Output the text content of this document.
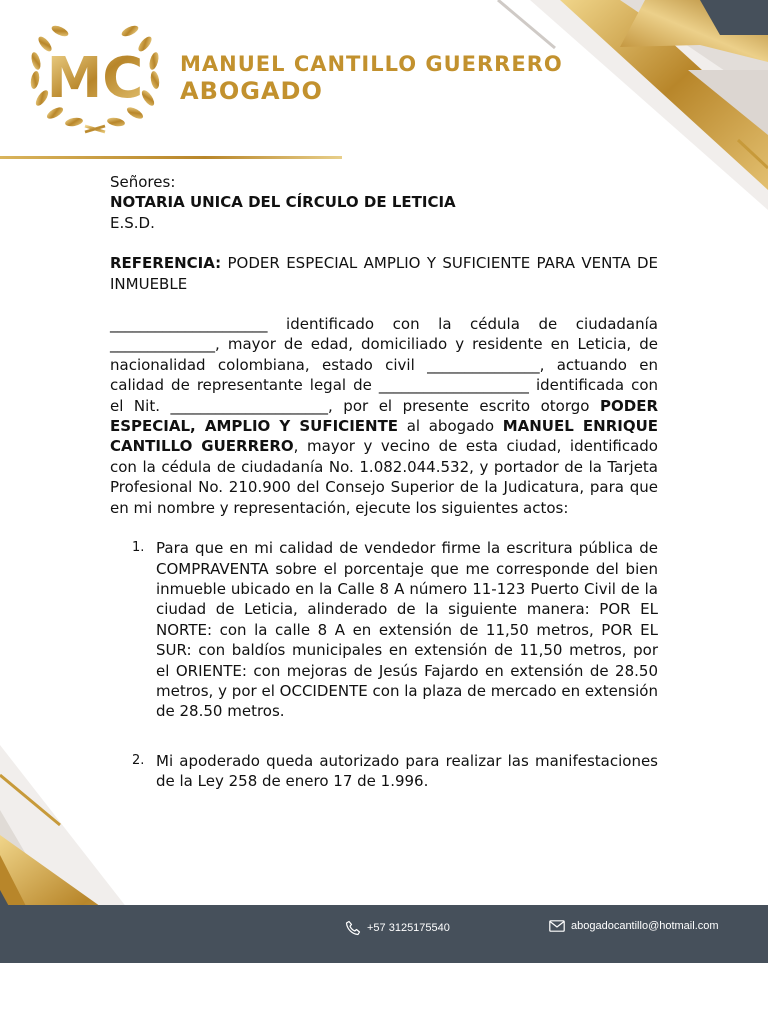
MC MANUEL CANTILLO GUERRERO

ABOGADO

Señores:

NOTARIA UNICA DEL CÍRCULO DE LETICIA

E.S.D.

REFERENCIA: PODER ESPECIAL AMPLIO Y SUFICIENTE PARA VENTA DE INMUEBLE

_____________________ identificado con la cédula de ciudadanía ______________, mayor de edad, domiciliado y residente en Leticia, de nacionalidad colombiana, estado civil _______________, actuando en calidad de representante legal de ____________________ identificada con el Nit. _____________________, por el presente escrito otorgo PODER ESPECIAL, AMPLIO Y SUFICIENTE al abogado MANUEL ENRIQUE CANTILLO GUERRERO, mayor y vecino de esta ciudad, identificado con la cédula de ciudadanía No. 1.082.044.532, y portador de la Tarjeta Profesional No. 210.900 del Consejo Superior de la Judicatura, para que en mi nombre y representación, ejecute los siguientes actos:

1. Para que en mi calidad de vendedor firme la escritura pública de COMPRAVENTA sobre el porcentaje que me corresponde del bien inmueble ubicado en la Calle 8 A número 11-123 Puerto Civil de la ciudad de Leticia, alinderado de la siguiente manera: POR EL NORTE: con la calle 8 A en extensión de 11,50 metros, POR EL SUR: con baldíos municipales en extensión de 11,50 metros, por el ORIENTE: con mejoras de Jesús Fajardo en extensión de 28.50 metros, y por el OCCIDENTE con la plaza de mercado en extensión de 28.50 metros.
2. Mi apoderado queda autorizado para realizar las manifestaciones de la Ley 258 de enero 17 de 1.996.
+57 3125175540	abogadocantillo@hotmail.com
